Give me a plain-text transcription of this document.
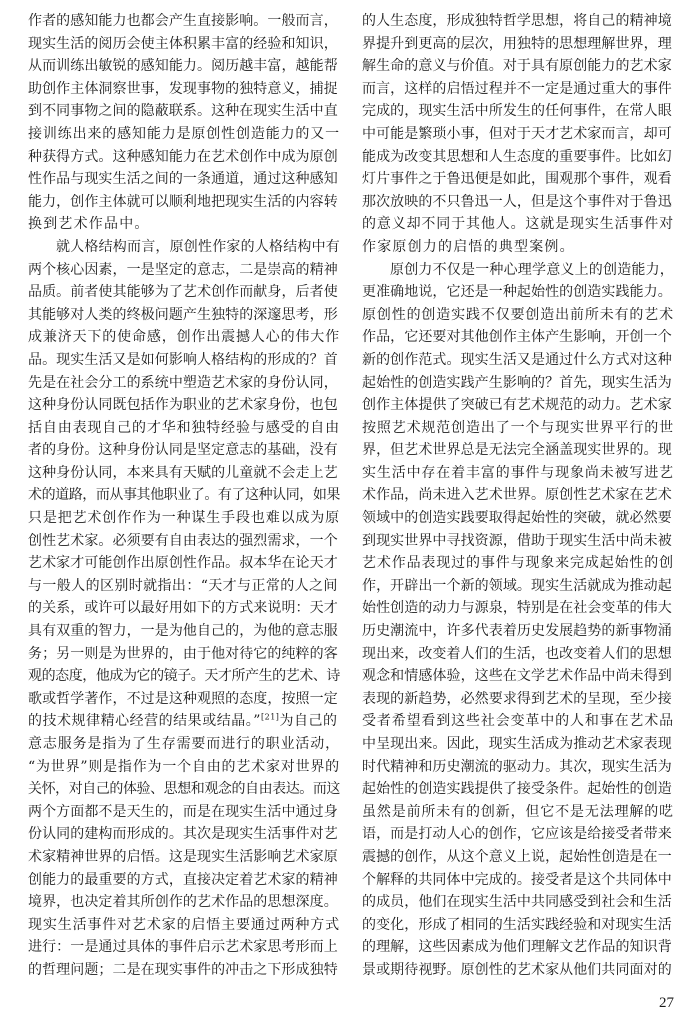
作者的感知能力也都会产生直接影响。一般而言，
现实生活的阅历会使主体积累丰富的经验和知识，
从而训练出敏锐的感知能力。阅历越丰富，越能帮
助创作主体洞察世事，发现事物的独特意义，捕捉
到不同事物之间的隐蔽联系。这种在现实生活中直
接训练出来的感知能力是原创性创造能力的又一
种获得方式。这种感知能力在艺术创作中成为原创
性作品与现实生活之间的一条通道，通过这种感知
能力，创作主体就可以顺利地把现实生活的内容转
换到艺术作品中。
就人格结构而言，原创性作家的人格结构中有
两个核心因素，一是坚定的意志，二是崇高的精神
品质。前者使其能够为了艺术创作而献身，后者使
其能够对人类的终极问题产生独特的深邃思考，形
成兼济天下的使命感，创作出震撼人心的伟大作
品。现实生活又是如何影响人格结构的形成的？首
先是在社会分工的系统中塑造艺术家的身份认同，
这种身份认同既包括作为职业的艺术家身份，也包
括自由表现自己的才华和独特经验与感受的自由
者的身份。这种身份认同是坚定意志的基础，没有
这种身份认同，本来具有天赋的儿童就不会走上艺
术的道路，而从事其他职业了。有了这种认同，如果
只是把艺术创作作为一种谋生手段也难以成为原
创性艺术家。必须要有自由表达的强烈需求，一个
艺术家才可能创作出原创性作品。叔本华在论天才
与一般人的区别时就指出：“天才与正常的人之间
的关系，或许可以最好用如下的方式来说明：天才
具有双重的智力，一是为他自己的，为他的意志服
务；另一则是为世界的，由于他对待它的纯粹的客
观的态度，他成为它的镜子。天才所产生的艺术、诗
歌或哲学著作，不过是这种观照的态度，按照一定
的技术规律精心经营的结果或结晶。”[21]为自己的
意志服务是指为了生存需要而进行的职业活动，
“为世界”则是指作为一个自由的艺术家对世界的
关怀，对自己的体验、思想和观念的自由表达。而这
两个方面都不是天生的，而是在现实生活中通过身
份认同的建构而形成的。其次是现实生活事件对艺
术家精神世界的启悟。这是现实生活影响艺术家原
创能力的最重要的方式，直接决定着艺术家的精神
境界，也决定着其所创作的艺术作品的思想深度。
现实生活事件对艺术家的启悟主要通过两种方式
进行：一是通过具体的事件启示艺术家思考形而上
的哲理问题；二是在现实事件的冲击之下形成独特
的人生态度，形成独特哲学思想，将自己的精神境
界提升到更高的层次，用独特的思想理解世界，理
解生命的意义与价值。对于具有原创能力的艺术家
而言，这样的启悟过程并不一定是通过重大的事件
完成的，现实生活中所发生的任何事件，在常人眼
中可能是繁琐小事，但对于天才艺术家而言，却可
能成为改变其思想和人生态度的重要事件。比如幻
灯片事件之于鲁迅便是如此，围观那个事件，观看
那次放映的不只鲁迅一人，但是这个事件对于鲁迅
的意义却不同于其他人。这就是现实生活事件对
作家原创力的启悟的典型案例。
原创力不仅是一种心理学意义上的创造能力，
更准确地说，它还是一种起始性的创造实践能力。
原创性的创造实践不仅要创造出前所未有的艺术
作品，它还要对其他创作主体产生影响，开创一个
新的创作范式。现实生活又是通过什么方式对这种
起始性的创造实践产生影响的？首先，现实生活为
创作主体提供了突破已有艺术规范的动力。艺术家
按照艺术规范创造出了一个与现实世界平行的世
界，但艺术世界总是无法完全涵盖现实世界的。现
实生活中存在着丰富的事件与现象尚未被写进艺
术作品，尚未进入艺术世界。原创性艺术家在艺术
领域中的创造实践要取得起始性的突破，就必然要
到现实世界中寻找资源，借助于现实生活中尚未被
艺术作品表现过的事件与现象来完成起始性的创
作，开辟出一个新的领域。现实生活就成为推动起
始性创造的动力与源泉，特别是在社会变革的伟大
历史潮流中，许多代表着历史发展趋势的新事物涌
现出来，改变着人们的生活，也改变着人们的思想
观念和情感体验，这些在文学艺术作品中尚未得到
表现的新趋势，必然要求得到艺术的呈现，至少接
受者希望看到这些社会变革中的人和事在艺术品
中呈现出来。因此，现实生活成为推动艺术家表现
时代精神和历史潮流的驱动力。其次，现实生活为
起始性的创造实践提供了接受条件。起始性的创造
虽然是前所未有的创新，但它不是无法理解的呓
语，而是打动人心的创作，它应该是给接受者带来
震撼的创作，从这个意义上说，起始性创造是在一
个解释的共同体中完成的。接受者是这个共同体中
的成员，他们在现实生活中共同感受到社会和生活
的变化，形成了相同的生活实践经验和对现实生活
的理解，这些因素成为他们理解文艺作品的知识背
景或期待视野。原创性的艺术家从他们共同面对的
27
